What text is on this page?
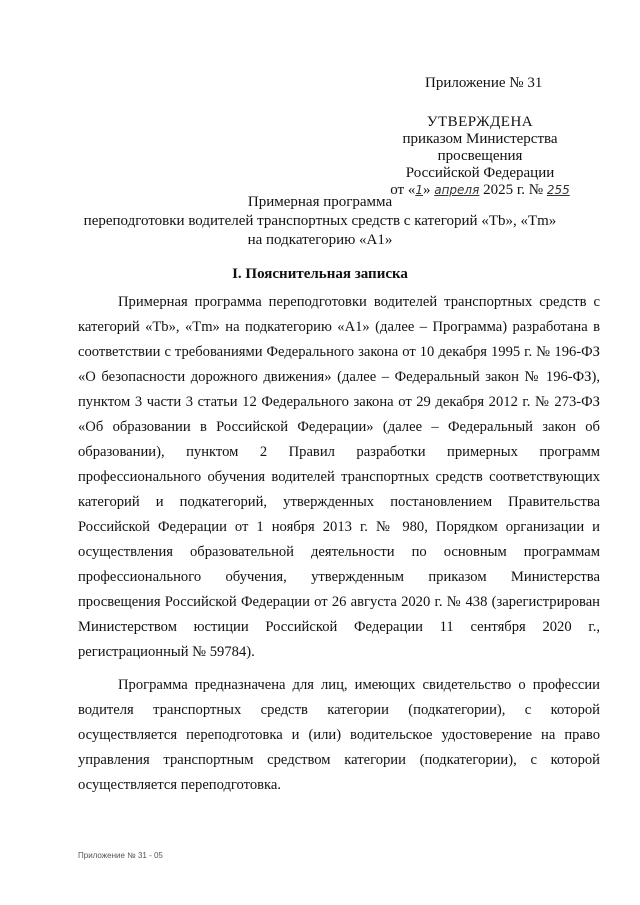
Приложение № 31
УТВЕРЖДЕНА
приказом Министерства просвещения
Российской Федерации
от «1» апреля 2025 г. № 255
Примерная программа
переподготовки водителей транспортных средств с категорий «Tb», «Tm»
на подкатегорию «A1»
I. Пояснительная записка

Примерная программа переподготовки водителей транспортных средств с категорий «Tb», «Tm» на подкатегорию «A1» (далее – Программа) разработана в соответствии с требованиями Федерального закона от 10 декабря 1995 г. № 196-ФЗ «О безопасности дорожного движения» (далее – Федеральный закон № 196-ФЗ), пунктом 3 части 3 статьи 12 Федерального закона от 29 декабря 2012 г. № 273-ФЗ «Об образовании в Российской Федерации» (далее – Федеральный закон об образовании), пунктом 2 Правил разработки примерных программ профессионального обучения водителей транспортных средств соответствующих категорий и подкатегорий, утвержденных постановлением Правительства Российской Федерации от 1 ноября 2013 г. № 980, Порядком организации и осуществления образовательной деятельности по основным программам профессионального обучения, утвержденным приказом Министерства просвещения Российской Федерации от 26 августа 2020 г. № 438 (зарегистрирован Министерством юстиции Российской Федерации 11 сентября 2020 г., регистрационный № 59784).

Программа предназначена для лиц, имеющих свидетельство о профессии водителя транспортных средств категории (подкатегории), с которой осуществляется переподготовка и (или) водительское удостоверение на право управления транспортным средством категории (подкатегории), с которой осуществляется переподготовка.

Приложение № 31 - 05
